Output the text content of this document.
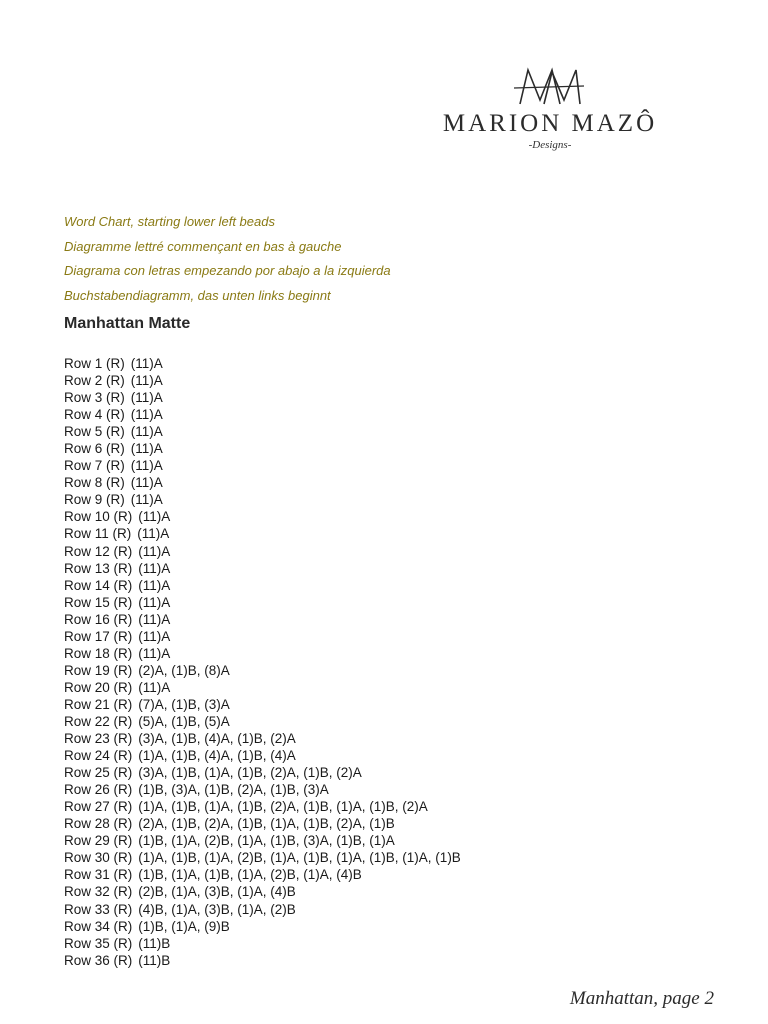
MARION MAZÔ
-Designs-
Word Chart, starting lower left beads
Diagramme lettré commençant en bas à gauche
Diagrama con letras empezando por abajo a la izquierda
Buchstabendiagramm, das unten links beginnt
Manhattan Matte
Row 1 (R) (11)A
Row 2 (R) (11)A
Row 3 (R) (11)A
Row 4 (R) (11)A
Row 5 (R) (11)A
Row 6 (R) (11)A
Row 7 (R) (11)A
Row 8 (R) (11)A
Row 9 (R) (11)A
Row 10 (R) (11)A
Row 11 (R) (11)A
Row 12 (R) (11)A
Row 13 (R) (11)A
Row 14 (R) (11)A
Row 15 (R) (11)A
Row 16 (R) (11)A
Row 17 (R) (11)A
Row 18 (R) (11)A
Row 19 (R) (2)A, (1)B, (8)A
Row 20 (R) (11)A
Row 21 (R) (7)A, (1)B, (3)A
Row 22 (R) (5)A, (1)B, (5)A
Row 23 (R) (3)A, (1)B, (4)A, (1)B, (2)A
Row 24 (R) (1)A, (1)B, (4)A, (1)B, (4)A
Row 25 (R) (3)A, (1)B, (1)A, (1)B, (2)A, (1)B, (2)A
Row 26 (R) (1)B, (3)A, (1)B, (2)A, (1)B, (3)A
Row 27 (R) (1)A, (1)B, (1)A, (1)B, (2)A, (1)B, (1)A, (1)B, (2)A
Row 28 (R) (2)A, (1)B, (2)A, (1)B, (1)A, (1)B, (2)A, (1)B
Row 29 (R) (1)B, (1)A, (2)B, (1)A, (1)B, (3)A, (1)B, (1)A
Row 30 (R) (1)A, (1)B, (1)A, (2)B, (1)A, (1)B, (1)A, (1)B, (1)A, (1)B
Row 31 (R) (1)B, (1)A, (1)B, (1)A, (2)B, (1)A, (4)B
Row 32 (R) (2)B, (1)A, (3)B, (1)A, (4)B
Row 33 (R) (4)B, (1)A, (3)B, (1)A, (2)B
Row 34 (R) (1)B, (1)A, (9)B
Row 35 (R) (11)B
Row 36 (R) (11)B
Manhattan, page 2
